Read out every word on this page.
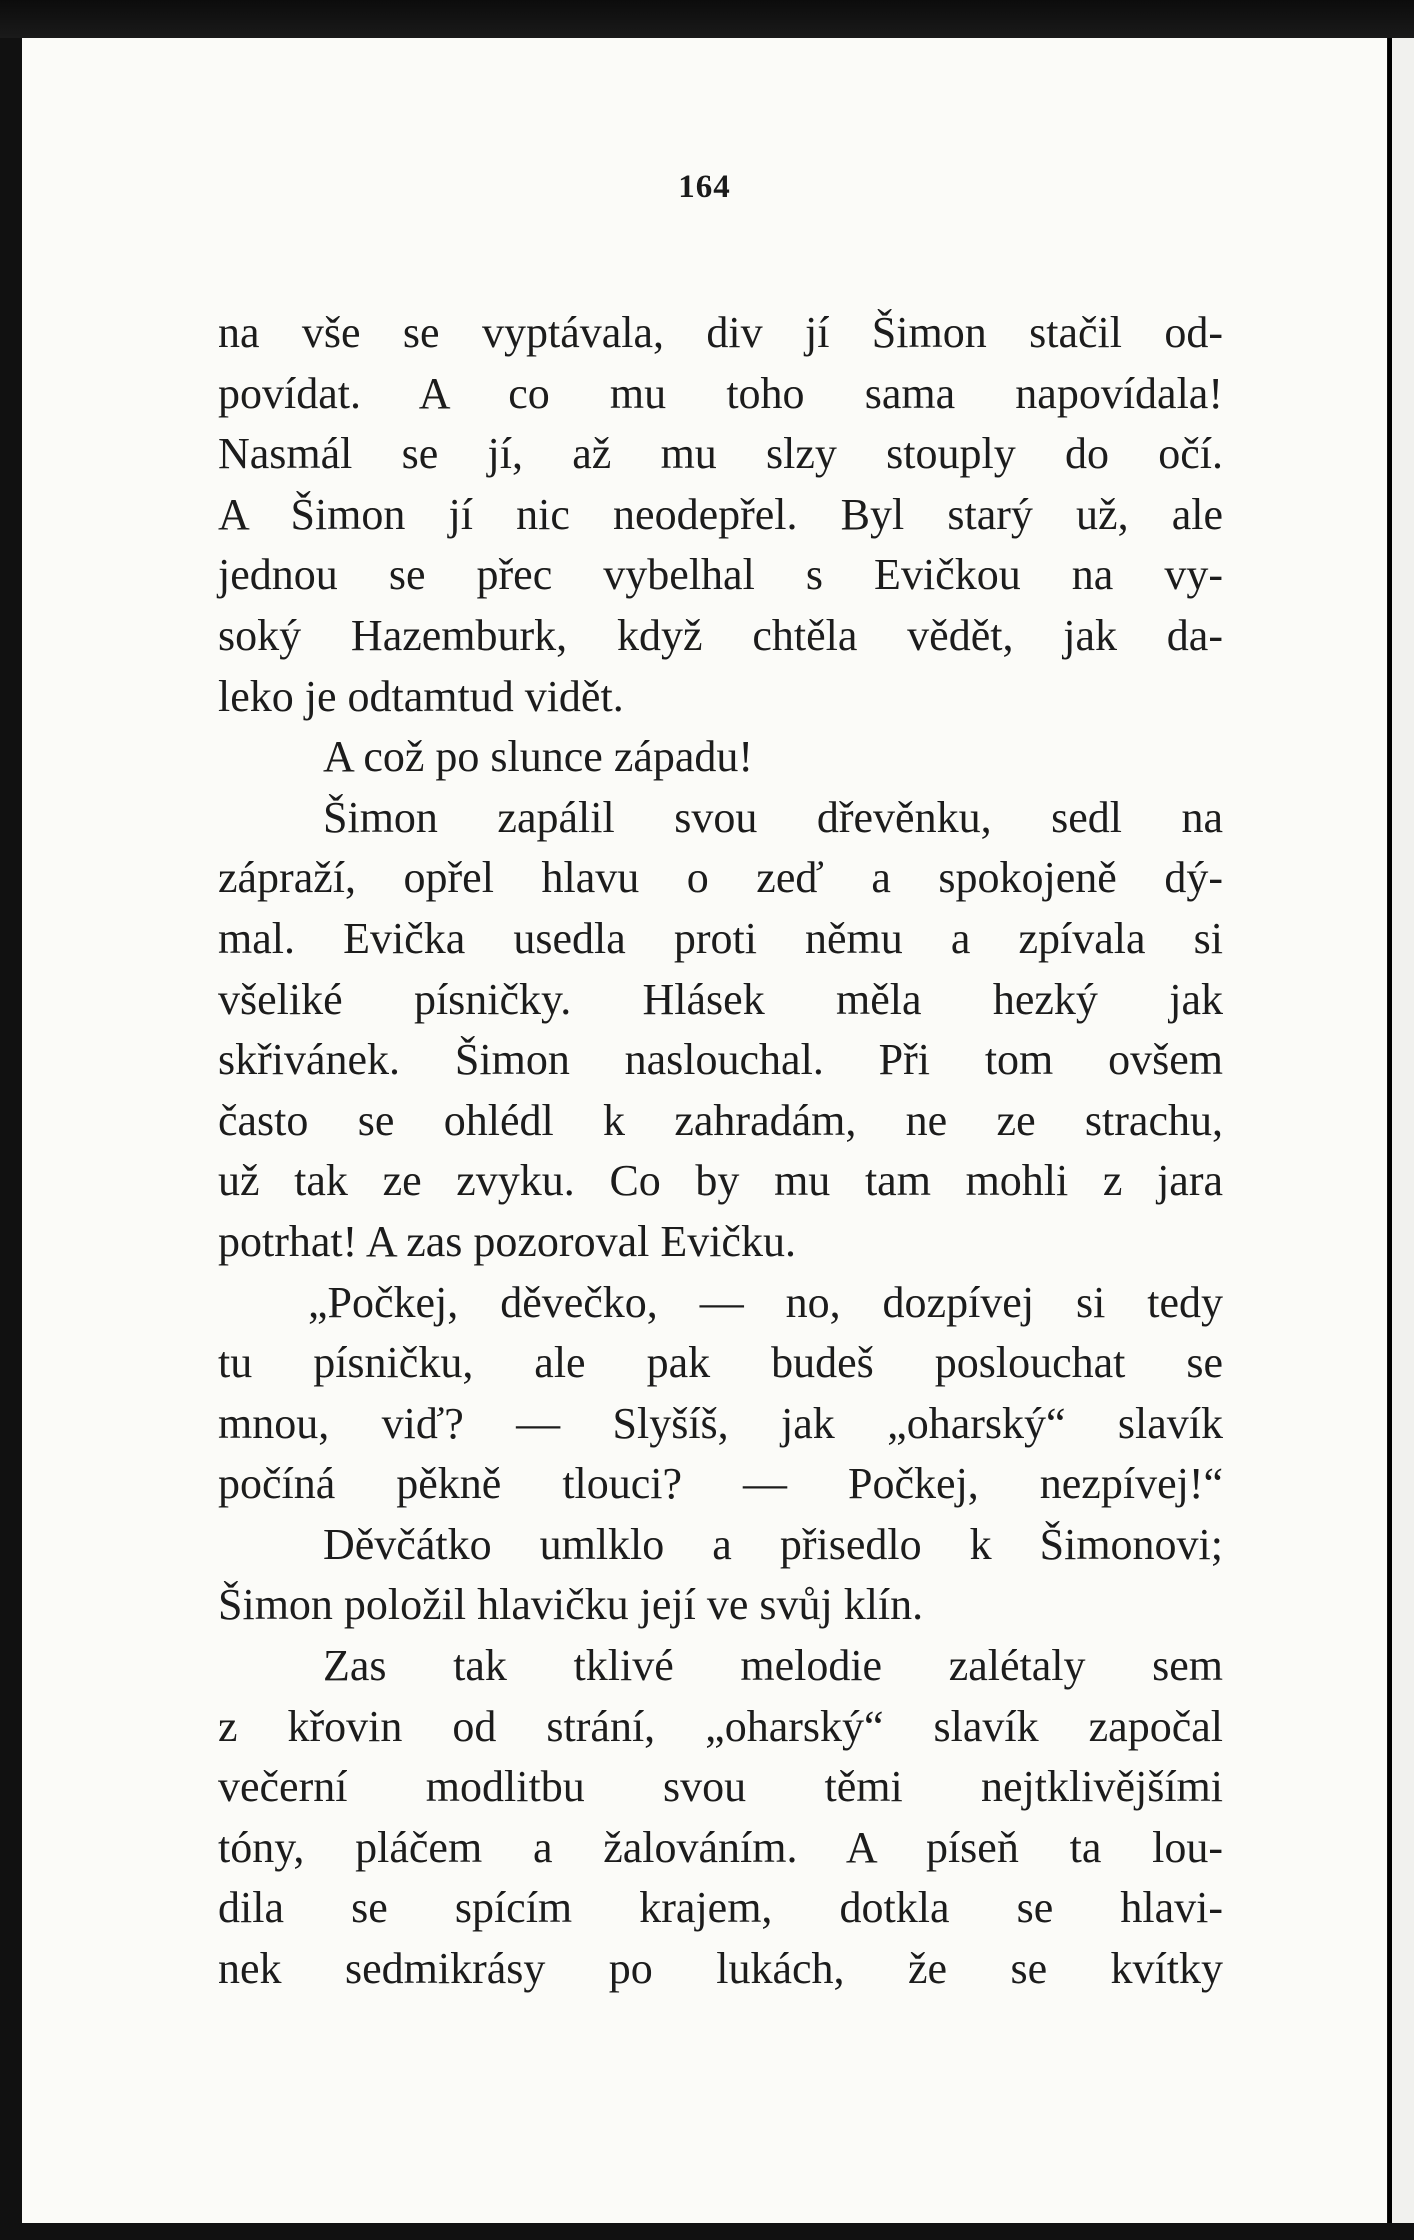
164
na vše se vyptávala, div jí Šimon stačil od-
povídat. A co mu toho sama napovídala!
Nasmál se jí, až mu slzy stouply do očí.
A Šimon jí nic neodepřel. Byl starý už, ale
jednou se přec vybelhal s Evičkou na vy-
soký Hazemburk, když chtěla vědět, jak da-
leko je odtamtud vidět.
A což po slunce západu!
Šimon zapálil svou dřevěnku, sedl na
zápraží, opřel hlavu o zeď a spokojeně dý-
mal. Evička usedla proti němu a zpívala si
všeliké písničky. Hlásek měla hezký jak
skřivánek. Šimon naslouchal. Při tom ovšem
často se ohlédl k zahradám, ne ze strachu,
už tak ze zvyku. Co by mu tam mohli z jara
potrhat! A zas pozoroval Evičku.
„Počkej, děvečko, — no, dozpívej si tedy
tu písničku, ale pak budeš poslouchat se
mnou, viď? — Slyšíš, jak „oharský“ slavík
počíná pěkně tlouci? — Počkej, nezpívej!“
Děvčátko umlklo a přisedlo k Šimonovi;
Šimon položil hlavičku její ve svůj klín.
Zas tak tklivé melodie zalétaly sem
z křovin od strání, „oharský“ slavík započal
večerní modlitbu svou těmi nejtklivějšími
tóny, pláčem a žalováním. A píseň ta lou-
dila se spícím krajem, dotkla se hlavi-
nek sedmikrásy po lukách, že se kvítky
